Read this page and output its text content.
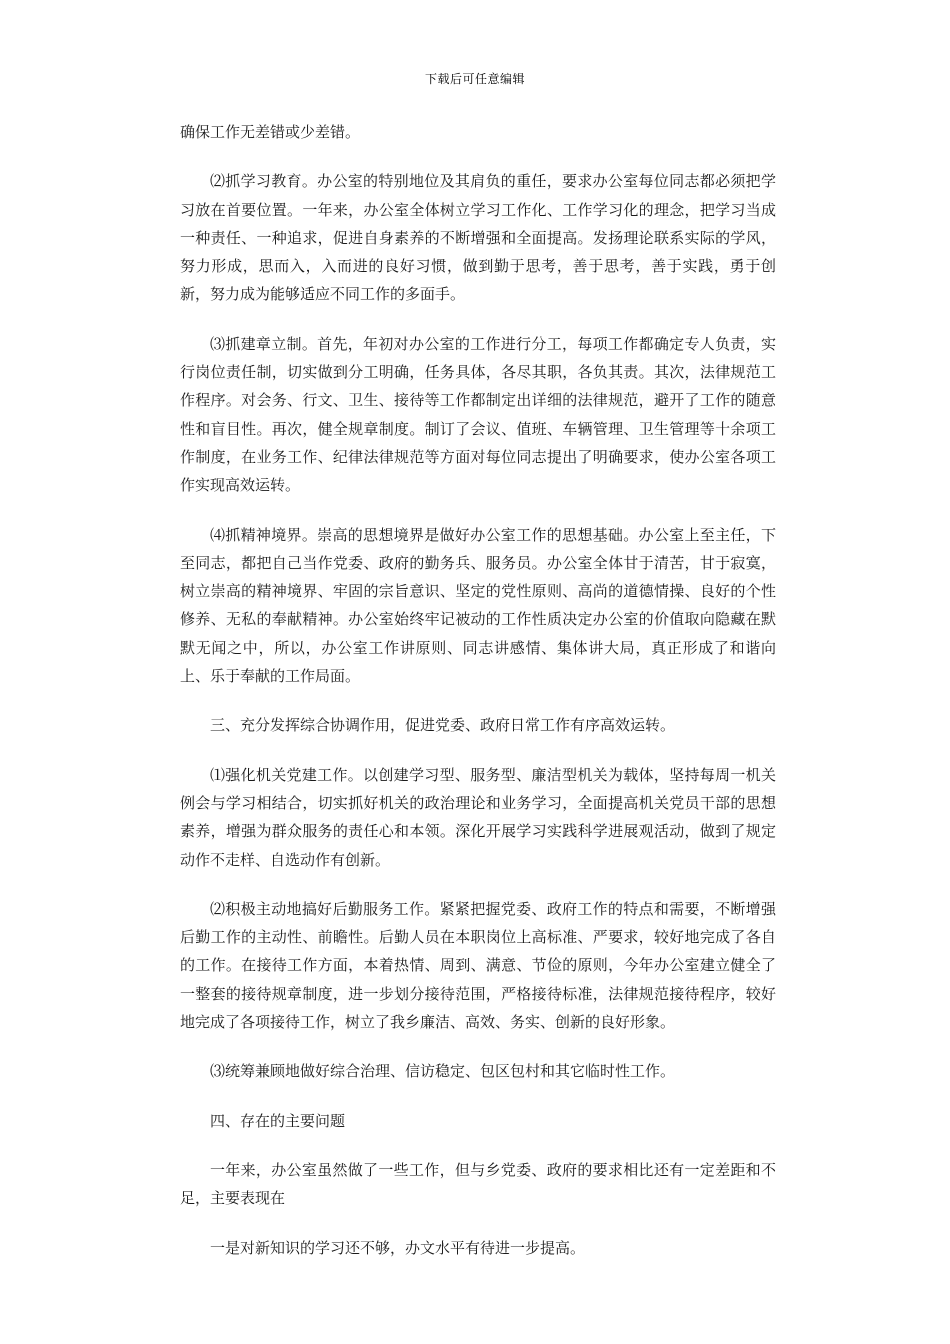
下载后可任意编辑

确保工作无差错或少差错。

⑵抓学习教育。办公室的特别地位及其肩负的重任，要求办公室每位同志都必须把学习放在首要位置。一年来，办公室全体树立学习工作化、工作学习化的理念，把学习当成一种责任、一种追求，促进自身素养的不断增强和全面提高。发扬理论联系实际的学风，努力形成，思而入，入而进的良好习惯，做到勤于思考，善于思考，善于实践，勇于创新，努力成为能够适应不同工作的多面手。

⑶抓建章立制。首先，年初对办公室的工作进行分工，每项工作都确定专人负责，实行岗位责任制，切实做到分工明确，任务具体，各尽其职，各负其责。其次，法律规范工作程序。对会务、行文、卫生、接待等工作都制定出详细的法律规范，避开了工作的随意性和盲目性。再次，健全规章制度。制订了会议、值班、车辆管理、卫生管理等十余项工作制度，在业务工作、纪律法律规范等方面对每位同志提出了明确要求，使办公室各项工作实现高效运转。

⑷抓精神境界。崇高的思想境界是做好办公室工作的思想基础。办公室上至主任，下至同志，都把自己当作党委、政府的勤务兵、服务员。办公室全体甘于清苦，甘于寂寞，树立崇高的精神境界、牢固的宗旨意识、坚定的党性原则、高尚的道德情操、良好的个性修养、无私的奉献精神。办公室始终牢记被动的工作性质决定办公室的价值取向隐藏在默默无闻之中，所以，办公室工作讲原则、同志讲感情、集体讲大局，真正形成了和谐向上、乐于奉献的工作局面。

三、充分发挥综合协调作用，促进党委、政府日常工作有序高效运转。

⑴强化机关党建工作。以创建学习型、服务型、廉洁型机关为载体，坚持每周一机关例会与学习相结合，切实抓好机关的政治理论和业务学习，全面提高机关党员干部的思想素养，增强为群众服务的责任心和本领。深化开展学习实践科学进展观活动，做到了规定动作不走样、自选动作有创新。

⑵积极主动地搞好后勤服务工作。紧紧把握党委、政府工作的特点和需要，不断增强后勤工作的主动性、前瞻性。后勤人员在本职岗位上高标准、严要求，较好地完成了各自的工作。在接待工作方面，本着热情、周到、满意、节俭的原则，今年办公室建立健全了一整套的接待规章制度，进一步划分接待范围，严格接待标准，法律规范接待程序，较好地完成了各项接待工作，树立了我乡廉洁、高效、务实、创新的良好形象。

⑶统筹兼顾地做好综合治理、信访稳定、包区包村和其它临时性工作。

四、存在的主要问题

一年来，办公室虽然做了一些工作，但与乡党委、政府的要求相比还有一定差距和不足，主要表现在

一是对新知识的学习还不够，办文水平有待进一步提高。
